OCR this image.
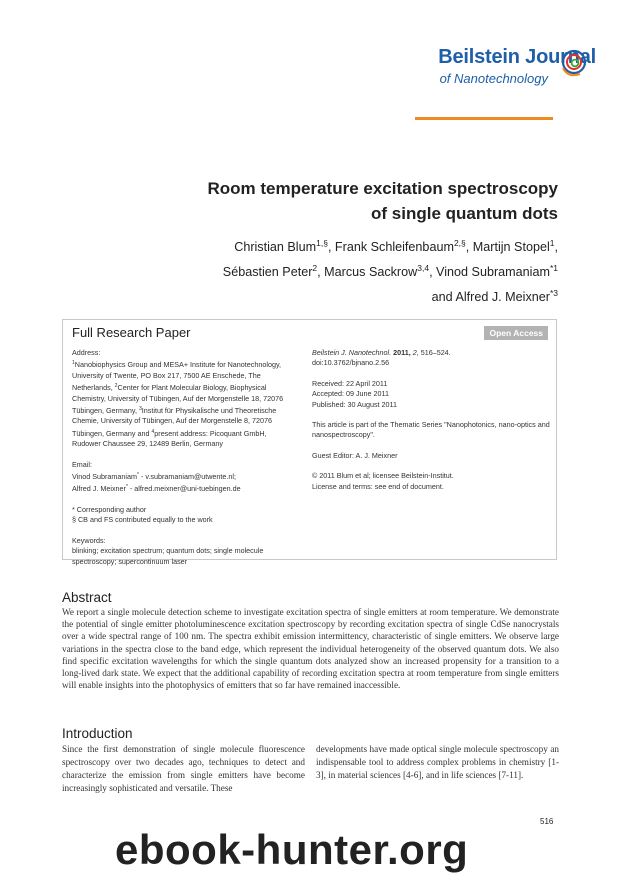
Beilstein Journal
of Nanotechnology
Room temperature excitation spectroscopy
of single quantum dots
Christian Blum$^{1,\S}$, Frank Schleifenbaum$^{2,\S}$, Martijn Stopel$^1$,
Sébastien Peter$^2$, Marcus Sackrow$^{3,4}$, Vinod Subramaniam$^{*1}$
and Alfred J. Meixner$^{*3}$
Full Research Paper	Open Access

Address:
$^1$Nanobiophysics Group and MESA+ Institute for Nanotechnology, University of Twente, PO Box 217, 7500 AE Enschede, The Netherlands, $^2$Center for Plant Molecular Biology, Biophysical Chemistry, University of Tübingen, Auf der Morgenstelle 18, 72076 Tübingen, Germany, $^3$Institut für Physikalische und Theoretische Chemie, University of Tübingen, Auf der Morgenstelle 8, 72076 Tübingen, Germany and $^4$present address: Picoquant GmbH, Rudower Chaussee 29, 12489 Berlin, Germany

Email:
Vinod Subramaniam* - v.subramaniam@utwente.nl;
Alfred J. Meixner* - alfred.meixner@uni-tuebingen.de

* Corresponding author
§ CB and FS contributed equally to the work

Keywords:
blinking; excitation spectrum; quantum dots; single molecule spectroscopy; supercontinuum laser

Beilstein J. Nanotechnol. 2011, 2, 516–524.
doi:10.3762/bjnano.2.56

Received: 22 April 2011
Accepted: 09 June 2011
Published: 30 August 2011

This article is part of the Thematic Series "Nanophotonics, nano-optics and nanospectroscopy".

Guest Editor: A. J. Meixner

© 2011 Blum et al; licensee Beilstein-Institut.
License and terms: see end of document.

Abstract
We report a single molecule detection scheme to investigate excitation spectra of single emitters at room temperature. We demonstrate the potential of single emitter photoluminescence excitation spectroscopy by recording excitation spectra of single CdSe nanocrystals over a wide spectral range of 100 nm. The spectra exhibit emission intermittency, characteristic of single emitters. We observe large variations in the spectra close to the band edge, which represent the individual heterogeneity of the observed quantum dots. We also find specific excitation wavelengths for which the single quantum dots analyzed show an increased propensity for a transition to a long-lived dark state. We expect that the additional capability of recording excitation spectra at room temperature from single emitters will enable insights into the photophysics of emitters that so far have remained inaccessible.
Introduction
Since the first demonstration of single molecule fluorescence spectroscopy over two decades ago, techniques to detect and characterize the emission from single emitters have become increasingly sophisticated and versatile. These
developments have made optical single molecule spectroscopy an indispensable tool to address complex problems in chemistry [1-3], in material sciences [4-6], and in life sciences [7-11].
516
ebook-hunter.org
